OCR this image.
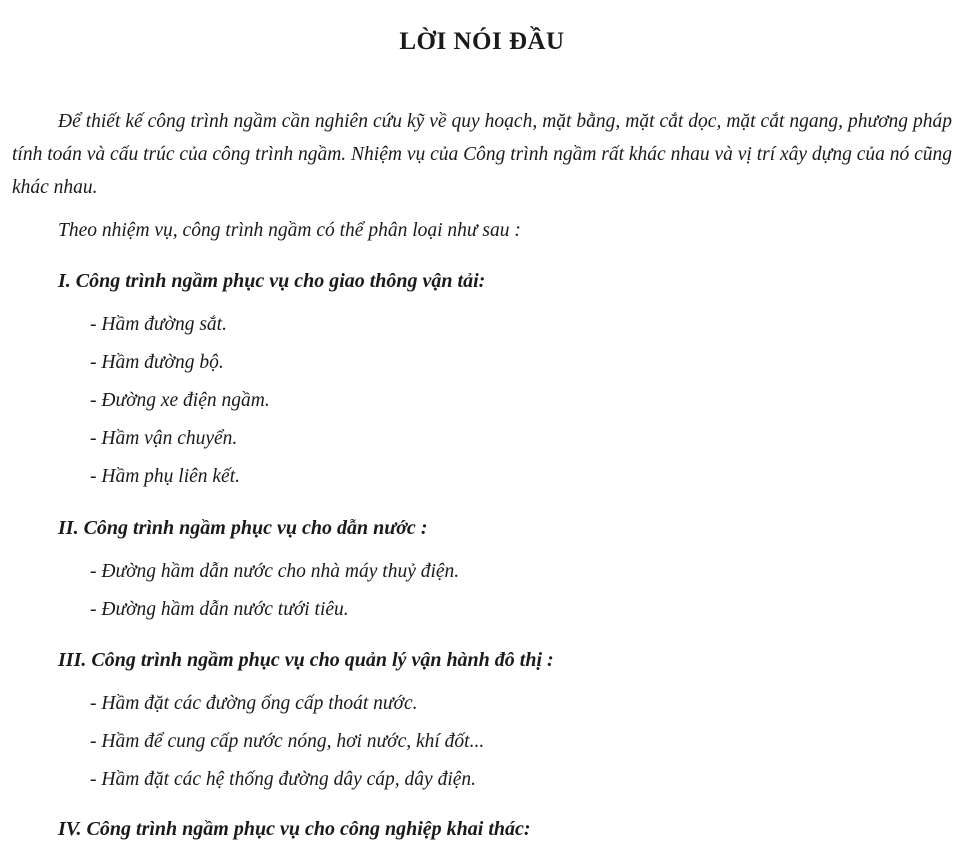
LỜI NÓI ĐẦU

Để thiết kế công trình ngầm cần nghiên cứu kỹ về quy hoạch, mặt bằng, mặt cắt dọc, mặt cắt ngang, phương pháp tính toán và cấu trúc của công trình ngầm. Nhiệm vụ của Công trình ngầm rất khác nhau và vị trí xây dựng của nó cũng khác nhau.

Theo nhiệm vụ, công trình ngầm có thể phân loại như sau :

I. Công trình ngầm phục vụ cho giao thông vận tải:

- Hầm đường sắt.

- Hầm đường bộ.

- Đường xe điện ngầm.

- Hầm vận chuyển.

- Hầm phụ liên kết.

II. Công trình ngầm phục vụ cho dẫn nước :

- Đường hầm dẫn nước cho nhà máy thuỷ điện.

- Đường hầm dẫn nước tưới tiêu.

III. Công trình ngầm phục vụ cho quản lý vận hành đô thị :

- Hầm đặt các đường ống cấp thoát nước.

- Hầm để cung cấp nước nóng, hơi nước, khí đốt...

- Hầm đặt các hệ thống đường dây cáp, dây điện.

IV. Công trình ngầm phục vụ cho công nghiệp khai thác:
